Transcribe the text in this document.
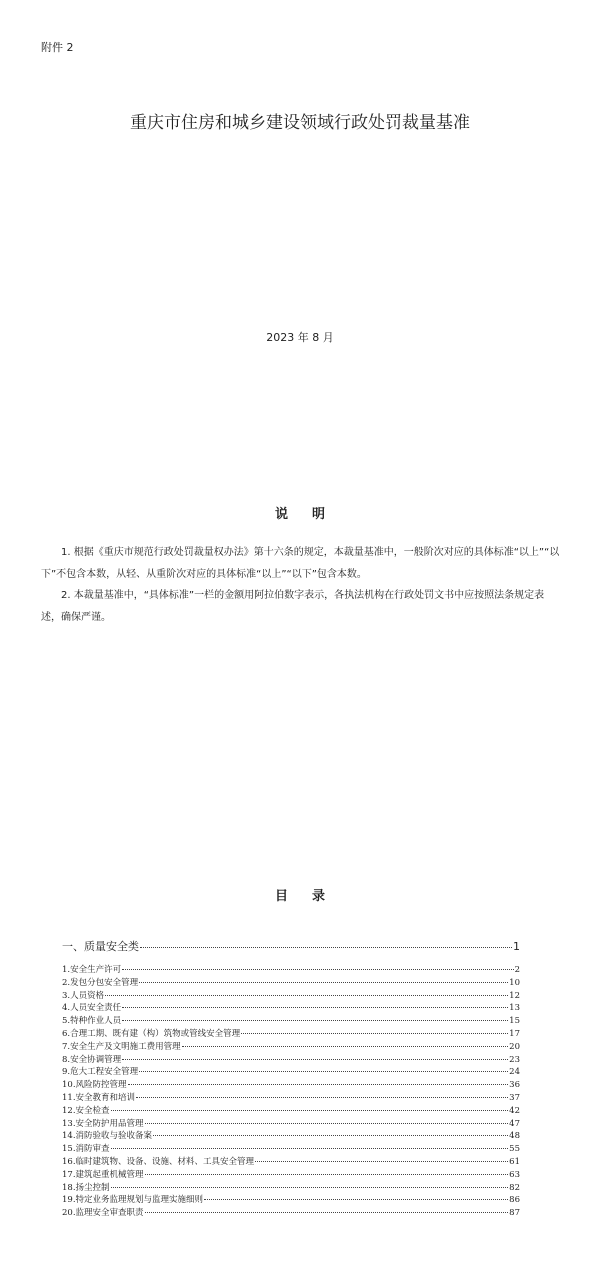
附件 2
重庆市住房和城乡建设领域行政处罚裁量基准
2023 年 8 月
说 明
1. 根据《重庆市规范行政处罚裁量权办法》第十六条的规定，本裁量基准中，一般阶次对应的具体标准“以上”“以下”不包含本数，从轻、从重阶次对应的具体标准“以上”“以下”包含本数。
2. 本裁量基准中，“具体标准”一栏的金额用阿拉伯数字表示，各执法机构在行政处罚文书中应按照法条规定表述，确保严谨。
目 录
一、质量安全类	1
1.安全生产许可	2
2.发包分包安全管理	10
3.人员资格	12
4.人员安全责任	13
5.特种作业人员	15
6.合理工期、既有建（构）筑物或管线安全管理	17
7.安全生产及文明施工费用管理	20
8.安全协调管理	23
9.危大工程安全管理	24
10.风险防控管理	36
11.安全教育和培训	37
12.安全检查	42
13.安全防护用品管理	47
14.消防验收与验收备案	48
15.消防审查	55
16.临时建筑物、设备、设施、材料、工具安全管理	61
17.建筑起重机械管理	63
18.扬尘控制	82
19.特定业务监理规划与监理实施细则	86
20.监理安全审查职责	87
